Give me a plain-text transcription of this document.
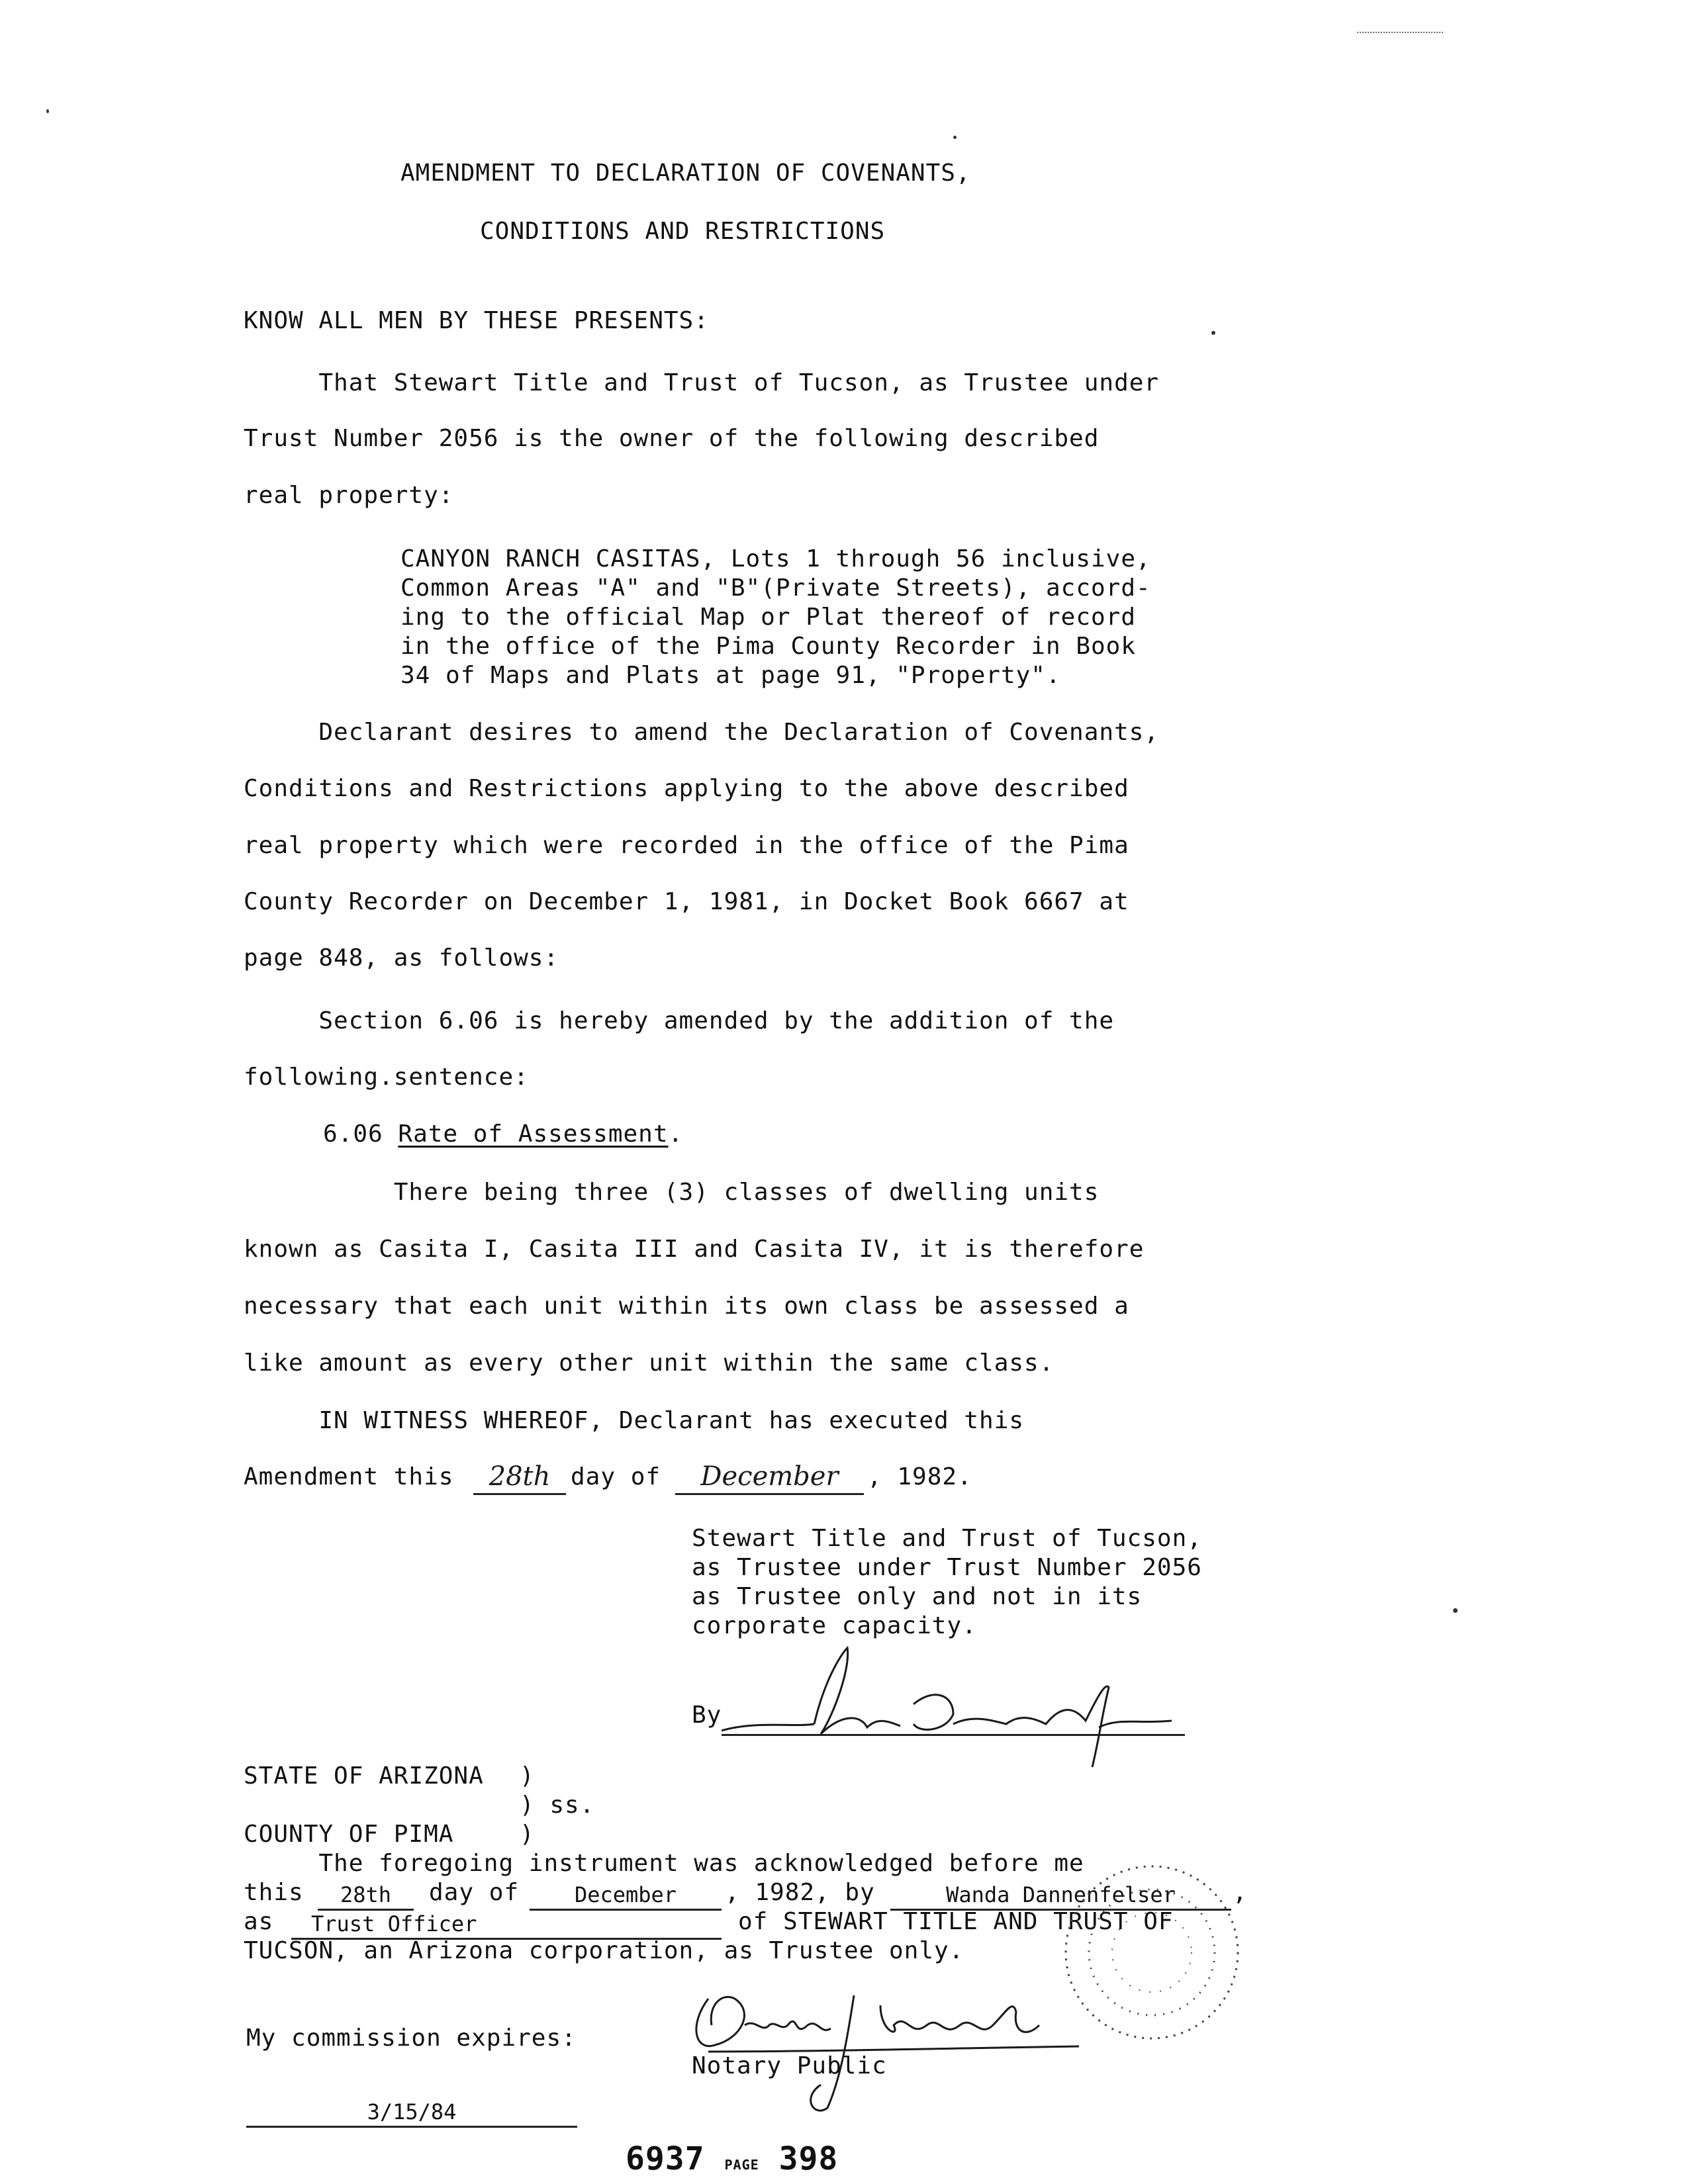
AMENDMENT TO DECLARATION OF COVENANTS,
CONDITIONS AND RESTRICTIONS
KNOW ALL MEN BY THESE PRESENTS:
That Stewart Title and Trust of Tucson, as Trustee under
Trust Number 2056 is the owner of the following described
real property:
CANYON RANCH CASITAS, Lots 1 through 56 inclusive,
Common Areas "A" and "B"(Private Streets), accord-
ing to the official Map or Plat thereof of record
in the office of the Pima County Recorder in Book
34 of Maps and Plats at page 91, "Property".
Declarant desires to amend the Declaration of Covenants,
Conditions and Restrictions applying to the above described
real property which were recorded in the office of the Pima
County Recorder on December 1, 1981, in Docket Book 6667 at
page 848, as follows:
Section 6.06 is hereby amended by the addition of the
following.sentence:
6.06 Rate of Assessment.
There being three (3) classes of dwelling units
known as Casita I, Casita III and Casita IV, it is therefore
necessary that each unit within its own class be assessed a
like amount as every other unit within the same class.
IN WITNESS WHEREOF, Declarant has executed this
Amendment this	28th day of	December	, 1982.
Stewart Title and Trust of Tucson,
as Trustee under Trust Number 2056
as Trustee only and not in its
corporate capacity.
By
STATE OF ARIZONA )
) ss.
COUNTY OF PIMA	)
The foregoing instrument was acknowledged before me
this	28th	day of	December	, 1982, by	Wanda Dannenfelser	,
as Trust Officer	of STEWART TITLE AND TRUST OF
TUCSON, an Arizona corporation, as Trustee only.
My commission expires:
3/15/84
Notary Public
6937 PAGE 398
